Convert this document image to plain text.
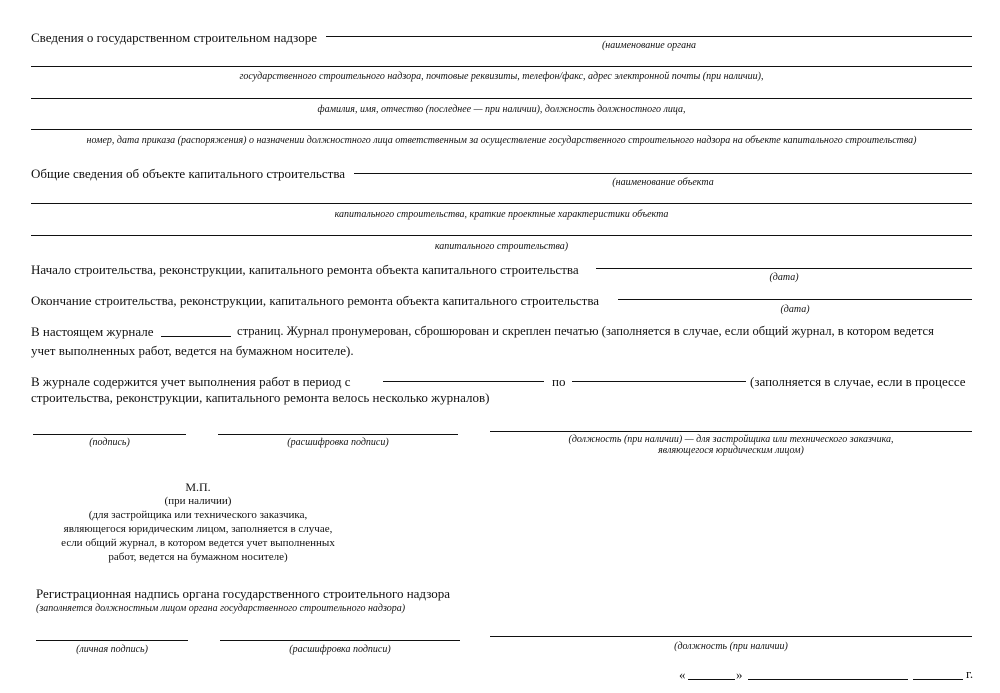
Сведения о государственном строительном надзоре
(наименование органа
государственного строительного надзора, почтовые реквизиты, телефон/факс, адрес электронной почты (при наличии),
фамилия, имя, отчество (последнее — при наличии), должность должностного лица,
номер, дата приказа (распоряжения) о назначении должностного лица ответственным за осуществление государственного строительного надзора на объекте капитального строительства)
Общие сведения об объекте капитального строительства
(наименование объекта
капитального строительства, краткие проектные характеристики объекта
капитального строительства)
Начало строительства, реконструкции, капитального ремонта объекта капитального строительства
(дата)
Окончание строительства, реконструкции, капитального ремонта объекта капитального строительства
(дата)
В настоящем журнале	страниц. Журнал пронумерован, сброшюрован и скреплен печатью (заполняется в случае, если общий журнал, в котором ведется
учет выполненных работ, ведется на бумажном носителе).
В журнале содержится учет выполнения работ в период с	по	(заполняется в случае, если в процессе
строительства, реконструкции, капитального ремонта велось несколько журналов)
(подпись)	(расшифровка подписи)	(должность (при наличии) — для застройщика или технического заказчика,
являющегося юридическим лицом)
М.П.
(при наличии)
(для застройщика или технического заказчика,
являющегося юридическим лицом, заполняется в случае,
если общий журнал, в котором ведется учет выполненных
работ, ведется на бумажном носителе)
Регистрационная надпись органа государственного строительного надзора
(заполняется должностным лицом органа государственного строительного надзора)
(личная подпись)	(расшифровка подписи)	(должность (при наличии)
«	»	г.
